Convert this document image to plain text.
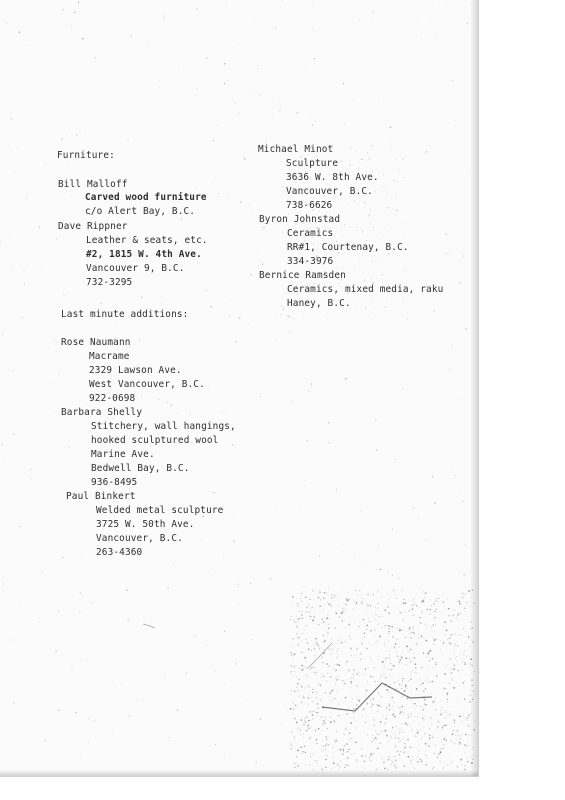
Furniture:
Bill Malloff
Carved wood furniture
c/o Alert Bay, B.C.
Dave Rippner
Leather & seats, etc.
#2, 1815 W. 4th Ave.
Vancouver 9, B.C.
732-3295
Last minute additions:
Rose Naumann
Macrame
2329 Lawson Ave.
West Vancouver, B.C.
922-0698
Barbara Shelly
Stitchery, wall hangings,
hooked sculptured wool
Marine Ave.
Bedwell Bay, B.C.
936-8495
Paul Binkert
Welded metal sculpture
3725 W. 50th Ave.
Vancouver, B.C.
263-4360
Michael Minot
Sculpture
3636 W. 8th Ave.
Vancouver, B.C.
738-6626
Byron Johnstad
Ceramics
RR#1, Courtenay, B.C.
334-3976
Bernice Ramsden
Ceramics, mixed media, raku
Haney, B.C.
